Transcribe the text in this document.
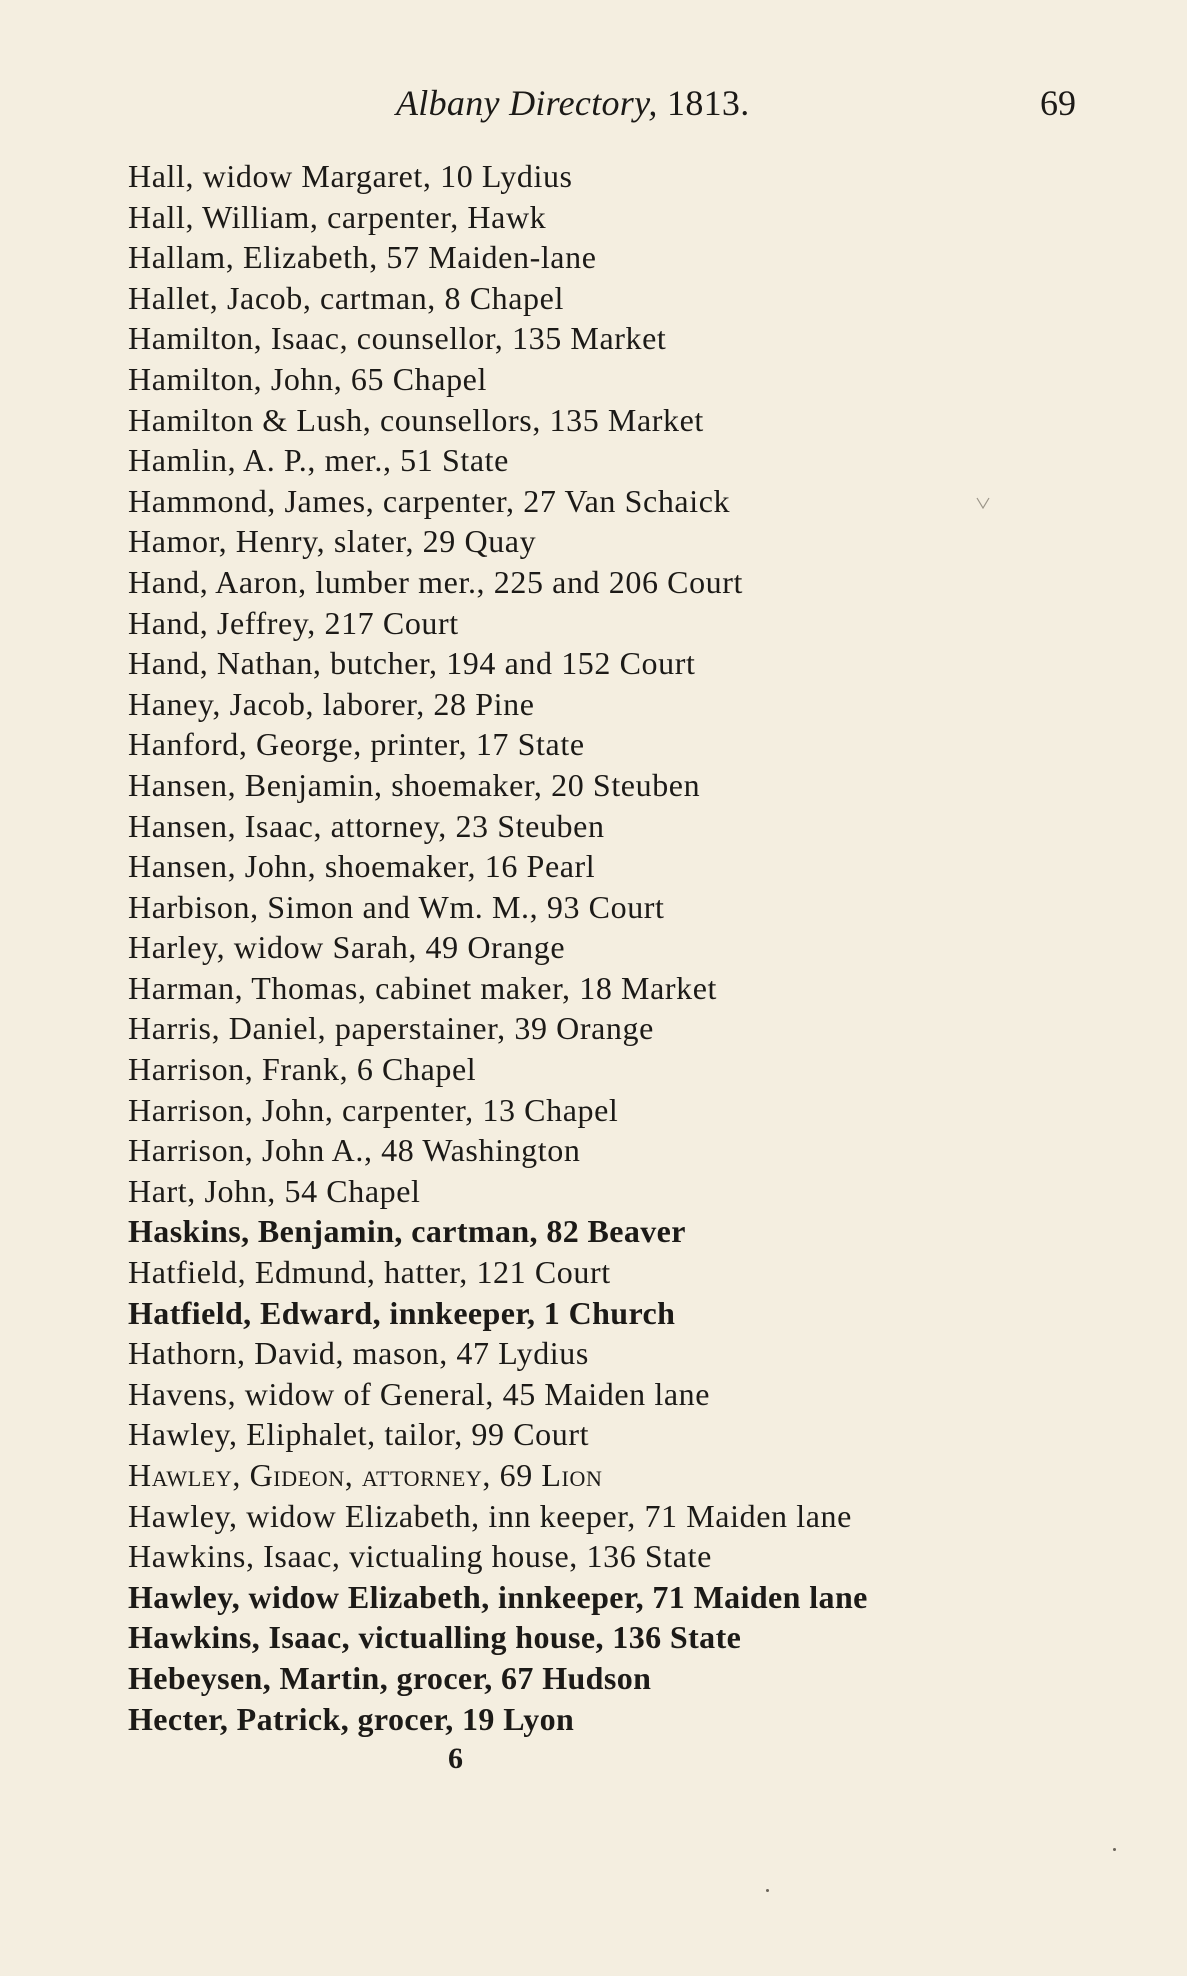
Albany Directory, 1813.	69
Hall, widow Margaret, 10 Lydius
Hall, William, carpenter, Hawk
Hallam, Elizabeth, 57 Maiden-lane
Hallet, Jacob, cartman, 8 Chapel
Hamilton, Isaac, counsellor, 135 Market
Hamilton, John, 65 Chapel
Hamilton & Lush, counsellors, 135 Market
Hamlin, A. P., mer., 51 State
Hammond, James, carpenter, 27 Van Schaick
Hamor, Henry, slater, 29 Quay
Hand, Aaron, lumber mer., 225 and 206 Court
Hand, Jeffrey, 217 Court
Hand, Nathan, butcher, 194 and 152 Court
Haney, Jacob, laborer, 28 Pine
Hanford, George, printer, 17 State
Hansen, Benjamin, shoemaker, 20 Steuben
Hansen, Isaac, attorney, 23 Steuben
Hansen, John, shoemaker, 16 Pearl
Harbison, Simon and Wm. M., 93 Court
Harley, widow Sarah, 49 Orange
Harman, Thomas, cabinet maker, 18 Market
Harris, Daniel, paperstainer, 39 Orange
Harrison, Frank, 6 Chapel
Harrison, John, carpenter, 13 Chapel
Harrison, John A., 48 Washington
Hart, John, 54 Chapel
Haskins, Benjamin, cartman, 82 Beaver
Hatfield, Edmund, hatter, 121 Court
Hatfield, Edward, innkeeper, 1 Church
Hathorn, David, mason, 47 Lydius
Havens, widow of General, 45 Maiden lane
Hawley, Eliphalet, tailor, 99 Court
Hawley, Gideon, attorney, 69 Lion
Hawley, widow Elizabeth, inn keeper, 71 Maiden lane
Hawkins, Isaac, victualing house, 136 State
Hawley, widow Elizabeth, innkeeper, 71 Maiden lane
Hawkins, Isaac, victualling house, 136 State
Hebeysen, Martin, grocer, 67 Hudson
Hecter, Patrick, grocer, 19 Lyon
6
